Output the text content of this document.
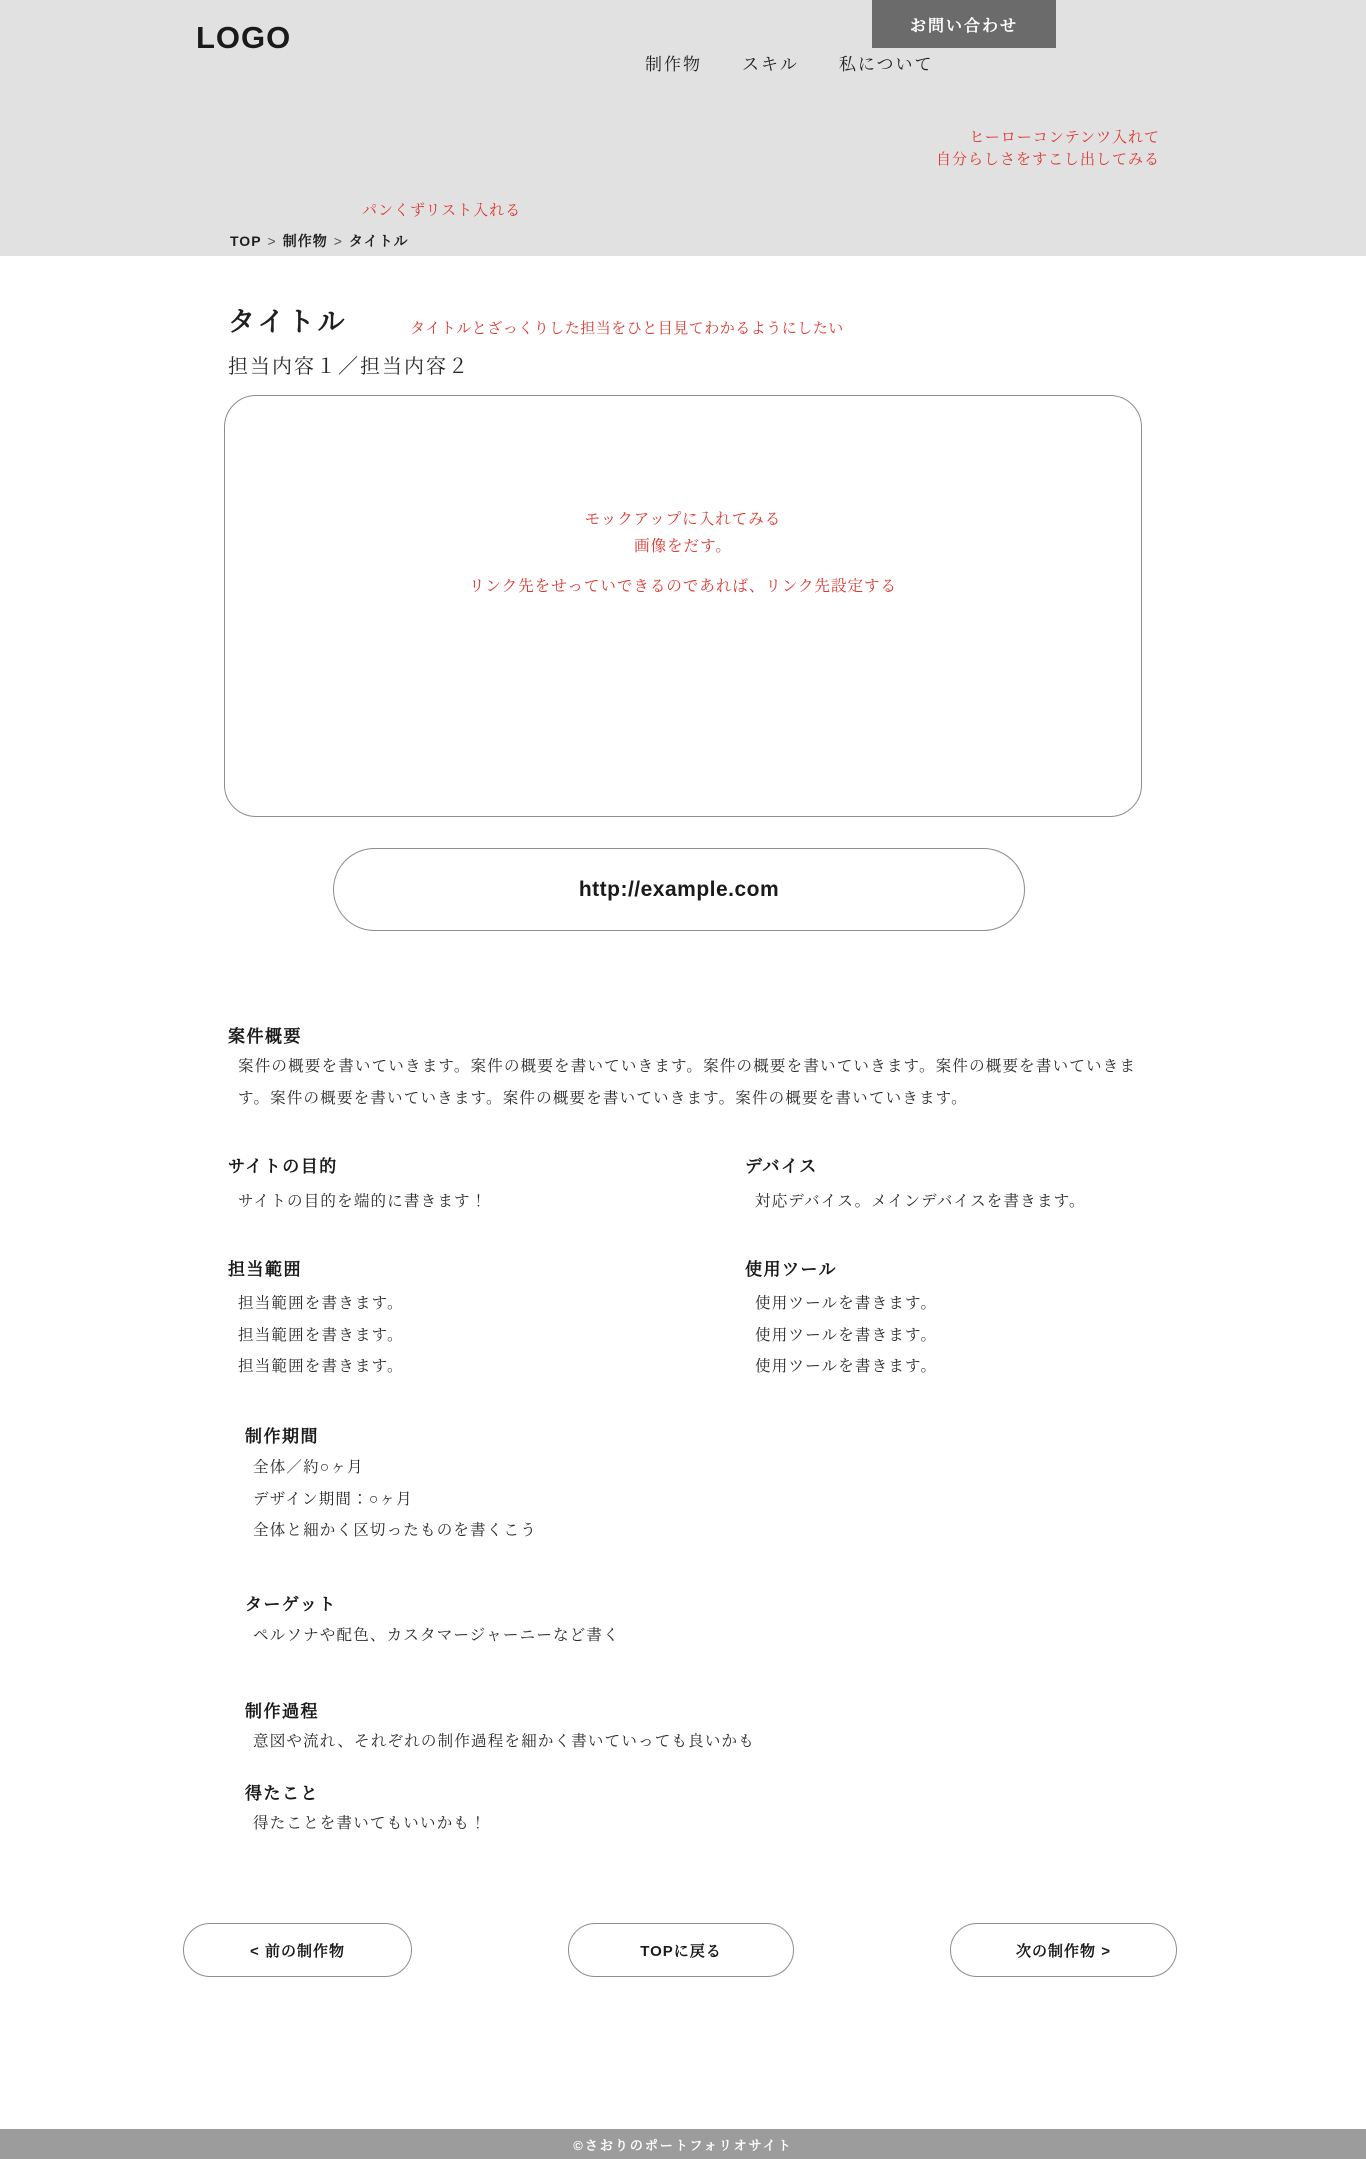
LOGO
制作物 スキル 私について
お問い合わせ
ヒーローコンテンツ入れて
自分らしさをすこし出してみる
パンくずリスト入れる
TOP > 制作物 > タイトル
タイトル	タイトルとざっくりした担当をひと目見てわかるようにしたい
担当内容１／担当内容２
モックアップに入れてみる
画像をだす。
リンク先をせっていできるのであれば、リンク先設定する
http://example.com
案件概要

案件の概要を書いていきます。案件の概要を書いていきます。案件の概要を書いていきます。案件の概要を書いていきます。案件の概要を書いていきます。案件の概要を書いていきます。案件の概要を書いていきます。

サイトの目的

サイトの目的を端的に書きます！

デバイス

対応デバイス。メインデバイスを書きます。

担当範囲
担当範囲を書きます。
担当範囲を書きます。
担当範囲を書きます。
使用ツール
使用ツールを書きます。
使用ツールを書きます。
使用ツールを書きます。
制作期間
全体／約○ヶ月
デザイン期間：○ヶ月
全体と細かく区切ったものを書くこう
ターゲット

ペルソナや配色、カスタマージャーニーなど書く

制作過程

意図や流れ、それぞれの制作過程を細かく書いていっても良いかも

得たこと

得たことを書いてもいいかも！

< 前の制作物	TOPに戻る	次の制作物 >
©さおりのポートフォリオサイト
